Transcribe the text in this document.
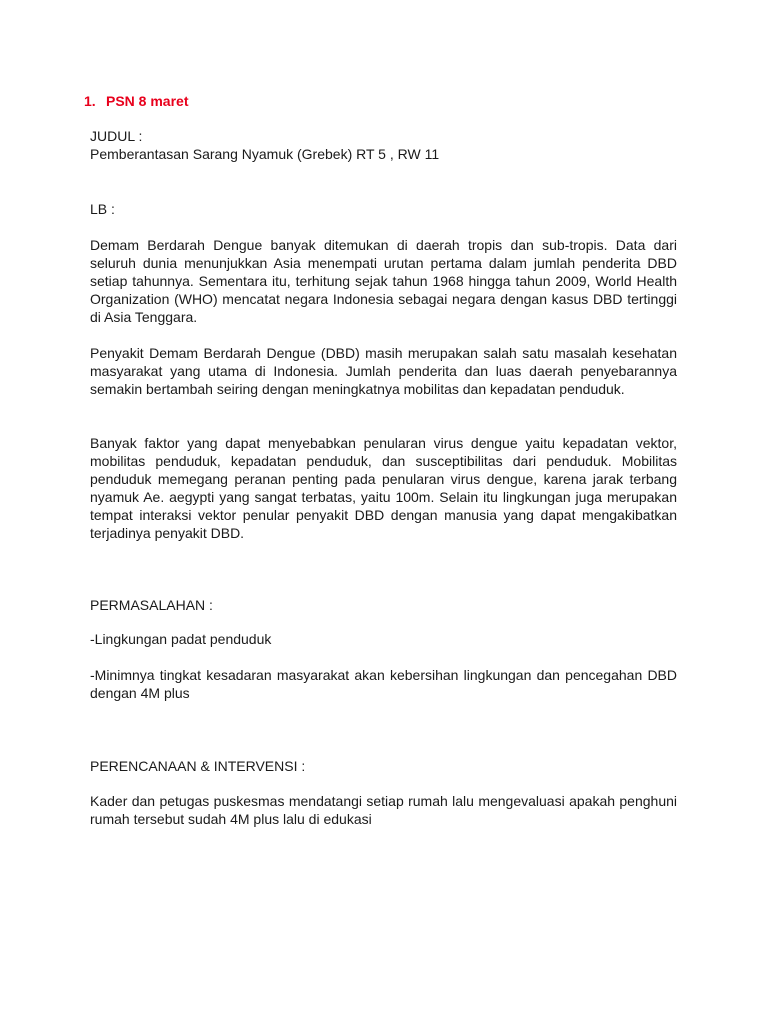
1. PSN 8 maret

JUDUL :

Pemberantasan Sarang Nyamuk (Grebek) RT 5 , RW 11

LB :

Demam Berdarah Dengue banyak ditemukan di daerah tropis dan sub-tropis. Data dari seluruh dunia menunjukkan Asia menempati urutan pertama dalam jumlah penderita DBD setiap tahunnya. Sementara itu, terhitung sejak tahun 1968 hingga tahun 2009, World Health Organization (WHO) mencatat negara Indonesia sebagai negara dengan kasus DBD tertinggi di Asia Tenggara.

Penyakit Demam Berdarah Dengue (DBD) masih merupakan salah satu masalah kesehatan masyarakat yang utama di Indonesia. Jumlah penderita dan luas daerah penyebarannya semakin bertambah seiring dengan meningkatnya mobilitas dan kepadatan penduduk.

Banyak faktor yang dapat menyebabkan penularan virus dengue yaitu kepadatan vektor, mobilitas penduduk, kepadatan penduduk, dan susceptibilitas dari penduduk. Mobilitas penduduk memegang peranan penting pada penularan virus dengue, karena jarak terbang nyamuk Ae. aegypti yang sangat terbatas, yaitu 100m. Selain itu lingkungan juga merupakan tempat interaksi vektor penular penyakit DBD dengan manusia yang dapat mengakibatkan terjadinya penyakit DBD.

PERMASALAHAN :

-Lingkungan padat penduduk

-Minimnya tingkat kesadaran masyarakat akan kebersihan lingkungan dan pencegahan DBD dengan 4M plus

PERENCANAAN & INTERVENSI :

Kader dan petugas puskesmas mendatangi setiap rumah lalu mengevaluasi apakah penghuni rumah tersebut sudah 4M plus lalu di edukasi
